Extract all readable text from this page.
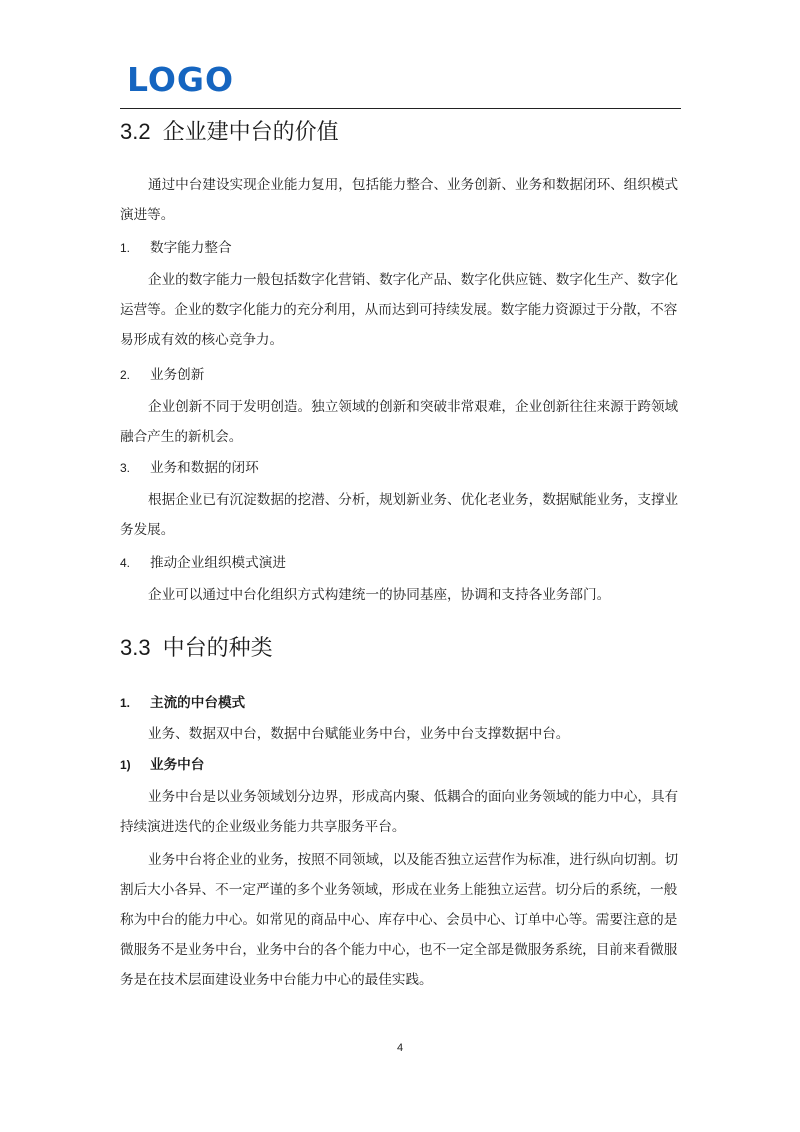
LOGO
3.2 企业建中台的价值

通过中台建设实现企业能力复用，包括能力整合、业务创新、业务和数据闭环、组织模式演进等。

1. 数字能力整合

企业的数字能力一般包括数字化营销、数字化产品、数字化供应链、数字化生产、数字化运营等。企业的数字化能力的充分利用，从而达到可持续发展。数字能力资源过于分散，不容易形成有效的核心竞争力。

2. 业务创新

企业创新不同于发明创造。独立领域的创新和突破非常艰难，企业创新往往来源于跨领域融合产生的新机会。

3. 业务和数据的闭环

根据企业已有沉淀数据的挖潜、分析，规划新业务、优化老业务，数据赋能业务，支撑业务发展。

4. 推动企业组织模式演进

企业可以通过中台化组织方式构建统一的协同基座，协调和支持各业务部门。

3.3 中台的种类
1. 主流的中台模式

业务、数据双中台，数据中台赋能业务中台，业务中台支撑数据中台。

1) 业务中台

业务中台是以业务领域划分边界，形成高内聚、低耦合的面向业务领域的能力中心，具有持续演进迭代的企业级业务能力共享服务平台。

业务中台将企业的业务，按照不同领域，以及能否独立运营作为标准，进行纵向切割。切割后大小各异、不一定严谨的多个业务领域，形成在业务上能独立运营。切分后的系统，一般称为中台的能力中心。如常见的商品中心、库存中心、会员中心、订单中心等。需要注意的是微服务不是业务中台，业务中台的各个能力中心，也不一定全部是微服务系统，目前来看微服务是在技术层面建设业务中台能力中心的最佳实践。

4
